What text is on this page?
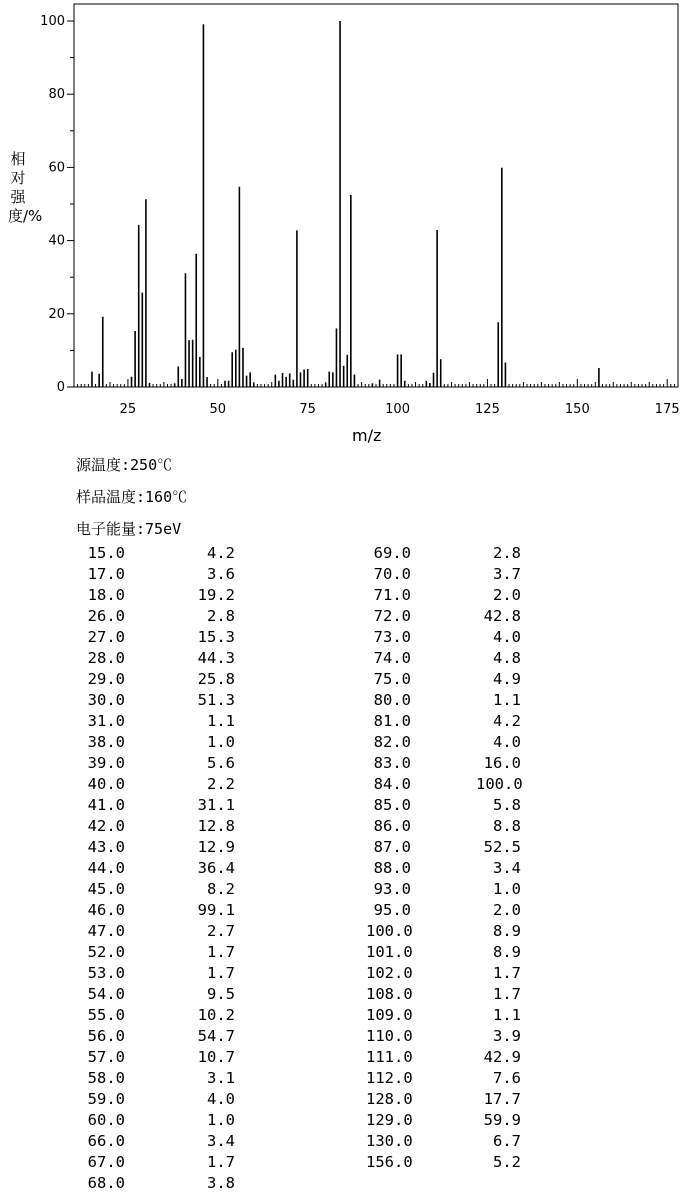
25	50	75	100	125	150	175
0
20
40
60
80
100
相对强度/%
m/z
源温度:250℃
样品温度:160℃
电子能量:75eV
15.0	4.2
17.0	3.6
18.0	19.2
26.0	2.8
27.0	15.3
28.0	44.3
29.0	25.8
30.0	51.3
31.0	1.1
38.0	1.0
39.0	5.6
40.0	2.2
41.0	31.1
42.0	12.8
43.0	12.9
44.0	36.4
45.0	8.2
46.0	99.1
47.0	2.7
52.0	1.7
53.0	1.7
54.0	9.5
55.0	10.2
56.0	54.7
57.0	10.7
58.0	3.1
59.0	4.0
60.0	1.0
66.0	3.4
67.0	1.7
68.0	3.8
69.0	2.8
70.0	3.7
71.0	2.0
72.0	42.8
73.0	4.0
74.0	4.8
75.0	4.9
80.0	1.1
81.0	4.2
82.0	4.0
83.0	16.0
84.0	100.0
85.0	5.8
86.0	8.8
87.0	52.5
88.0	3.4
93.0	1.0
95.0	2.0
100.0	8.9
101.0	8.9
102.0	1.7
108.0	1.7
109.0	1.1
110.0	3.9
111.0	42.9
112.0	7.6
128.0	17.7
129.0	59.9
130.0	6.7
156.0	5.2
